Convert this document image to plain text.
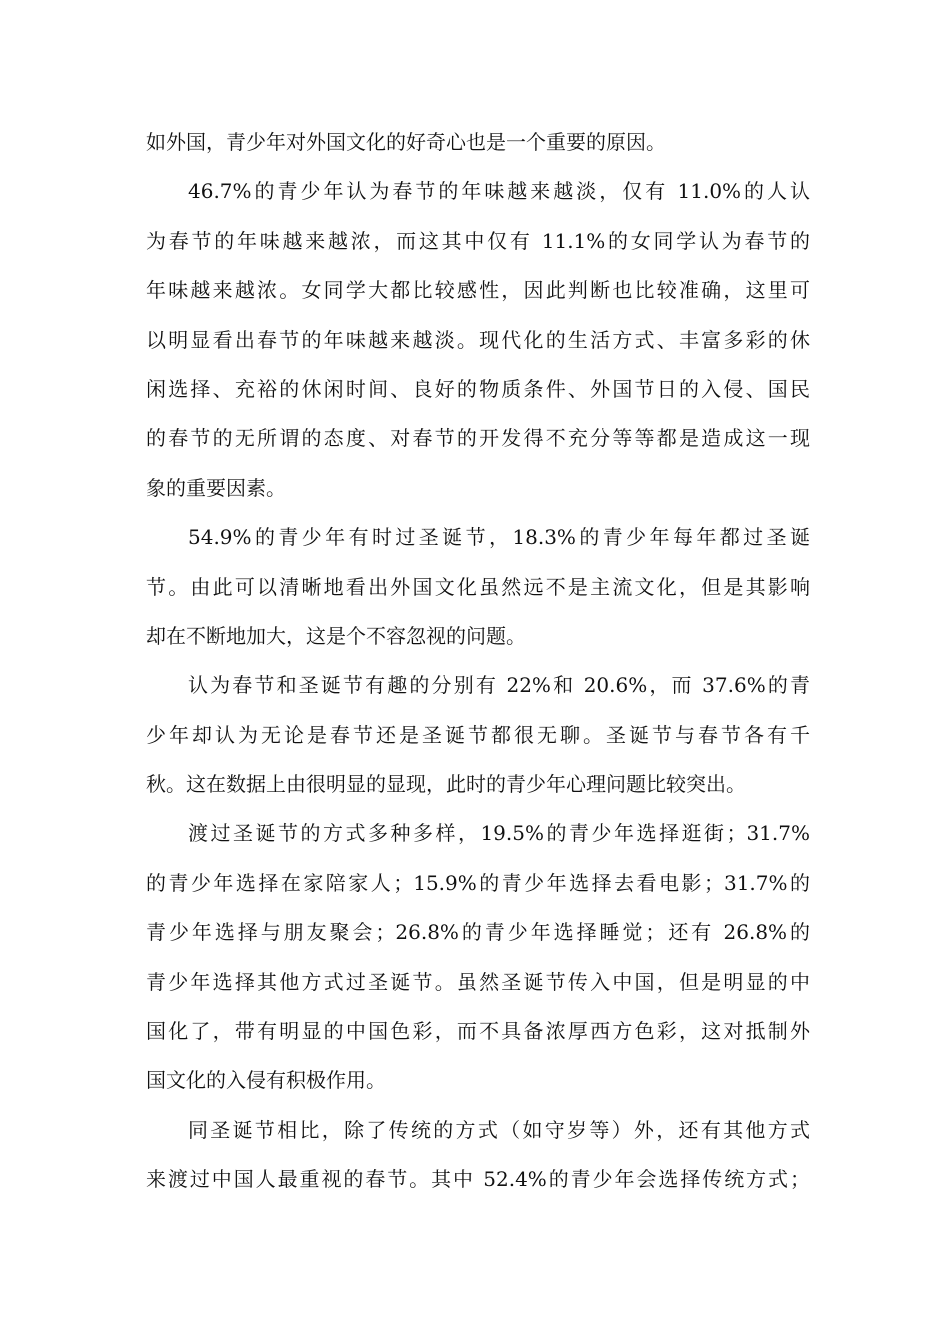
如外国，青少年对外国文化的好奇心也是一个重要的原因。
46.7%的青少年认为春节的年味越来越淡，仅有 11.0%的人认
为春节的年味越来越浓，而这其中仅有 11.1%的女同学认为春节的
年味越来越浓。女同学大都比较感性，因此判断也比较准确，这里可
以明显看出春节的年味越来越淡。现代化的生活方式、丰富多彩的休
闲选择、充裕的休闲时间、良好的物质条件、外国节日的入侵、国民
的春节的无所谓的态度、对春节的开发得不充分等等都是造成这一现
象的重要因素。
54.9%的青少年有时过圣诞节，18.3%的青少年每年都过圣诞
节。由此可以清晰地看出外国文化虽然远不是主流文化，但是其影响
却在不断地加大，这是个不容忽视的问题。
认为春节和圣诞节有趣的分别有 22%和 20.6%，而 37.6%的青
少年却认为无论是春节还是圣诞节都很无聊。圣诞节与春节各有千
秋。这在数据上由很明显的显现，此时的青少年心理问题比较突出。
渡过圣诞节的方式多种多样，19.5%的青少年选择逛街；31.7%
的青少年选择在家陪家人；15.9%的青少年选择去看电影；31.7%的
青少年选择与朋友聚会；26.8%的青少年选择睡觉；还有 26.8%的
青少年选择其他方式过圣诞节。虽然圣诞节传入中国，但是明显的中
国化了，带有明显的中国色彩，而不具备浓厚西方色彩，这对抵制外
国文化的入侵有积极作用。
同圣诞节相比，除了传统的方式（如守岁等）外，还有其他方式
来渡过中国人最重视的春节。其中 52.4%的青少年会选择传统方式；
